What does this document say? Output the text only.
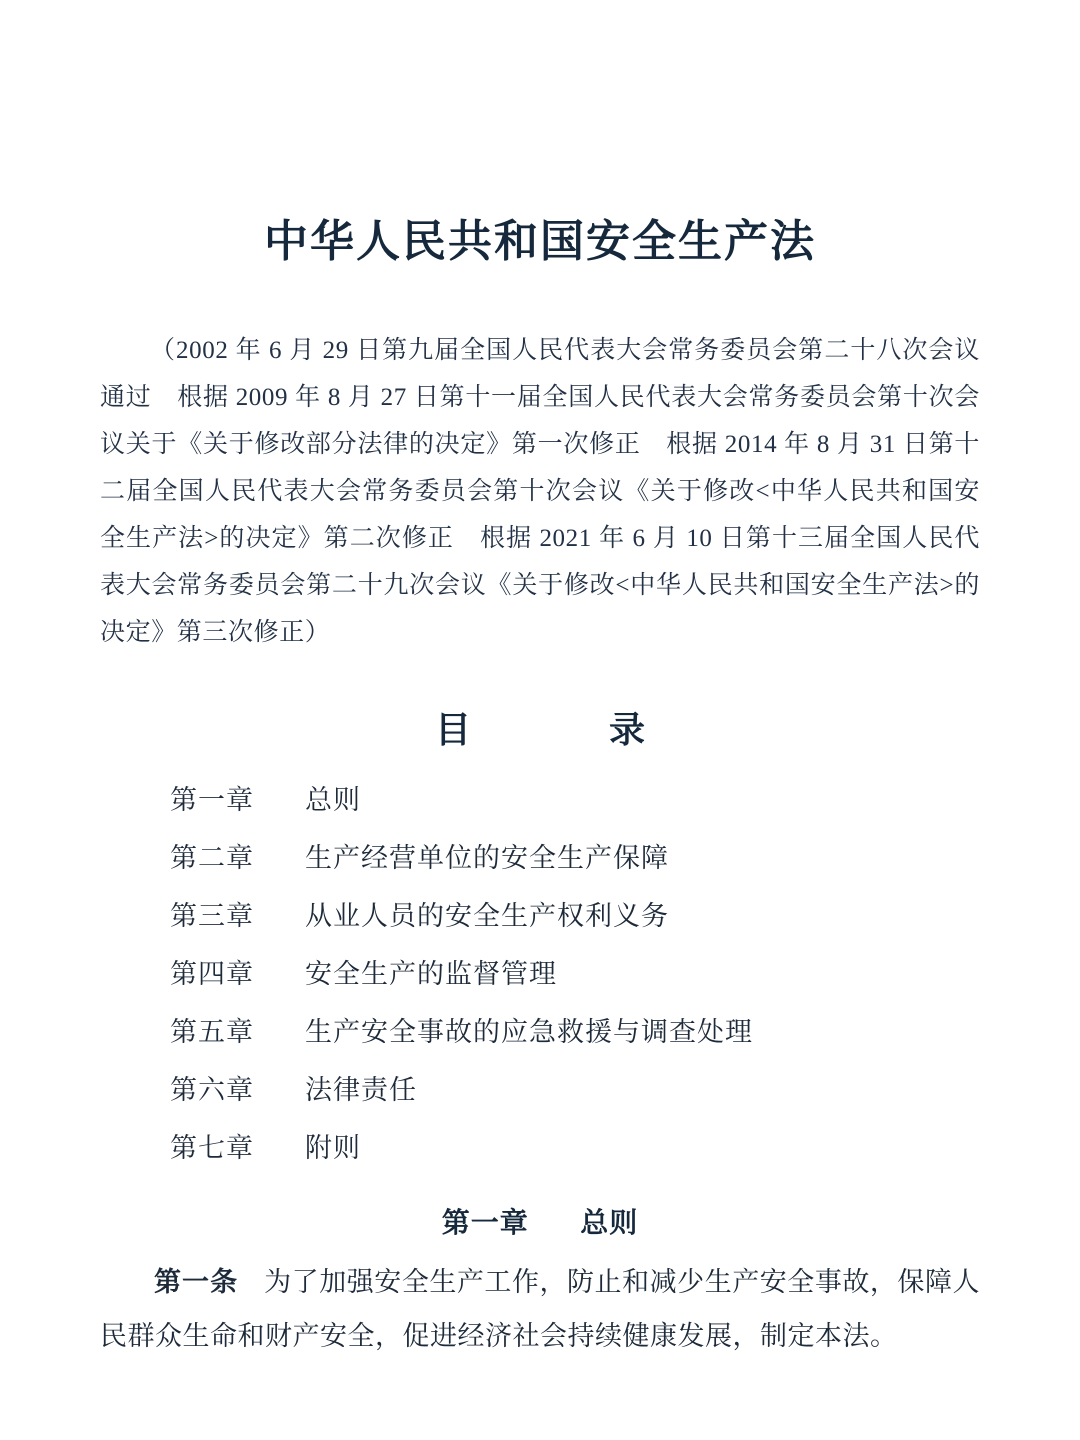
中华人民共和国安全生产法

（2002 年 6 月 29 日第九届全国人民代表大会常务委员会第二十八次会议通过　根据 2009 年 8 月 27 日第十一届全国人民代表大会常务委员会第十次会议关于《关于修改部分法律的决定》第一次修正　根据 2014 年 8 月 31 日第十二届全国人民代表大会常务委员会第十次会议《关于修改<中华人民共和国安全生产法>的决定》第二次修正　根据 2021 年 6 月 10 日第十三届全国人民代表大会常务委员会第二十九次会议《关于修改<中华人民共和国安全生产法>的决定》第三次修正）

目　　录
第一章	总则
第二章	生产经营单位的安全生产保障
第三章	从业人员的安全生产权利义务
第四章	安全生产的监督管理
第五章	生产安全事故的应急救援与调查处理
第六章	法律责任
第七章	附则
第一章 总则

第一条 为了加强安全生产工作，防止和减少生产安全事故，保障人民群众生命和财产安全，促进经济社会持续健康发展，制定本法。
